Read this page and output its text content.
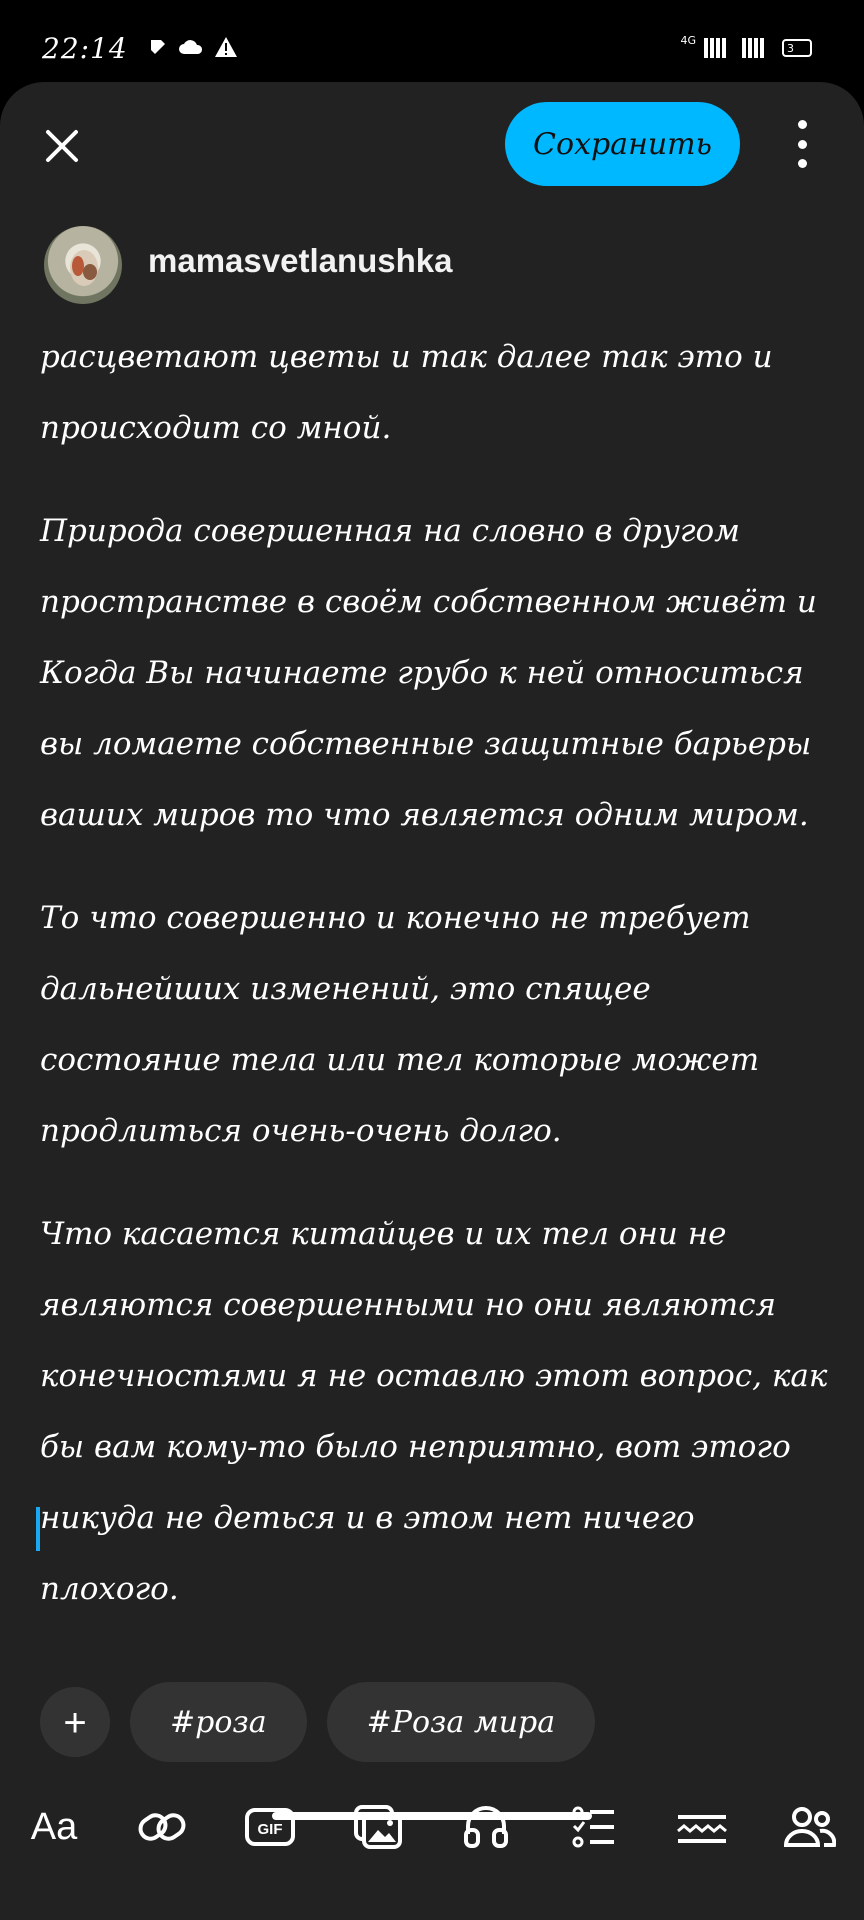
22:14	4G
3
Сохранить
mamasvetlanushka

расцветают цветы и так далее так это и происходит со мной.

Природа совершенная на словно в другом пространстве в своём собственном живёт и Когда Вы начинаете грубо к ней относиться вы ломаете собственные защитные барьеры ваших миров то что является одним миром.

То что совершенно и конечно не требует дальнейших изменений, это спящее состояние тела или тел которые может продлиться очень-очень долго.

Что касается китайцев и их тел они не являются совершенными но они являются конечностями я не оставлю этот вопрос, как бы вам кому-то было неприятно, вот этого никуда не деться и в этом нет ничего плохого.

+	#роза	#Роза мира
Aa	GIF
